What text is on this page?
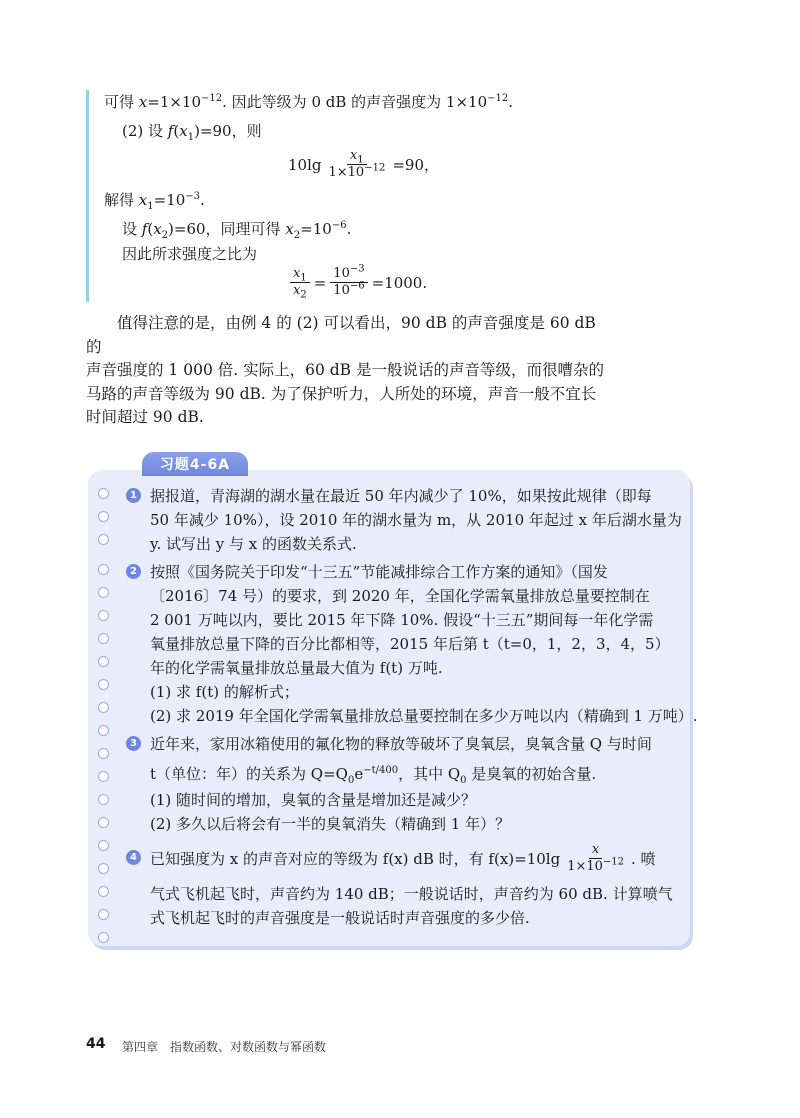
可得 $x=1\times 10^{-12}$. 因此等级为 0 dB 的声音强度为 $1\times 10^{-12}$.
(2) 设 $f(x_1)=90$，则
$10\lg \frac{x_1}{1\times 10^{-12}} =90$，
解得 $x_1=10^{-3}$.
设 $f(x_2)=60$，同理可得 $x_2=10^{-6}$.
因此所求强度之比为
$\frac{x_1}{x_2} = \frac{10^{-3}}{10^{-6}} =1000$.

值得注意的是，由例 4 的 (2) 可以看出，90 dB 的声音强度是 60 dB 的

声音强度的 1 000 倍. 实际上，60 dB 是一般说话的声音等级，而很嘈杂的

马路的声音等级为 90 dB. 为了保护听力，人所处的环境，声音一般不宜长

时间超过 90 dB.

习题4-6A
1 据报道，青海湖的湖水量在最近 50 年内减少了 10%，如果按此规律（即每
50 年减少 10%），设 2010 年的湖水量为 m，从 2010 年起过 x 年后湖水量为
y. 试写出 y 与 x 的函数关系式.
2 按照《国务院关于印发“十三五”节能减排综合工作方案的通知》（国发
〔2016〕74 号）的要求，到 2020 年，全国化学需氧量排放总量要控制在
2 001 万吨以内，要比 2015 年下降 10%. 假设“十三五”期间每一年化学需
氧量排放总量下降的百分比都相等，2015 年后第 t（t=0，1，2，3，4，5）
年的化学需氧量排放总量最大值为 f(t) 万吨.
(1) 求 f(t) 的解析式；
(2) 求 2019 年全国化学需氧量排放总量要控制在多少万吨以内（精确到 1 万吨）.
3 近年来，家用冰箱使用的氟化物的释放等破坏了臭氧层，臭氧含量 Q 与时间
t（单位：年）的关系为 $Q=Q_0e^{-t/400}$，其中 $Q_0$ 是臭氧的初始含量.
(1) 随时间的增加，臭氧的含量是增加还是减少？
(2) 多久以后将会有一半的臭氧消失（精确到 1 年）？
4 已知强度为 x 的声音对应的等级为 f(x) dB 时，有 $f(x)=10\lg \frac{x}{1\times 10^{-12}}$ . 喷
气式飞机起飞时，声音约为 140 dB；一般说话时，声音约为 60 dB. 计算喷气
式飞机起飞时的声音强度是一般说话时声音强度的多少倍.
44 第四章　指数函数、对数函数与幂函数
